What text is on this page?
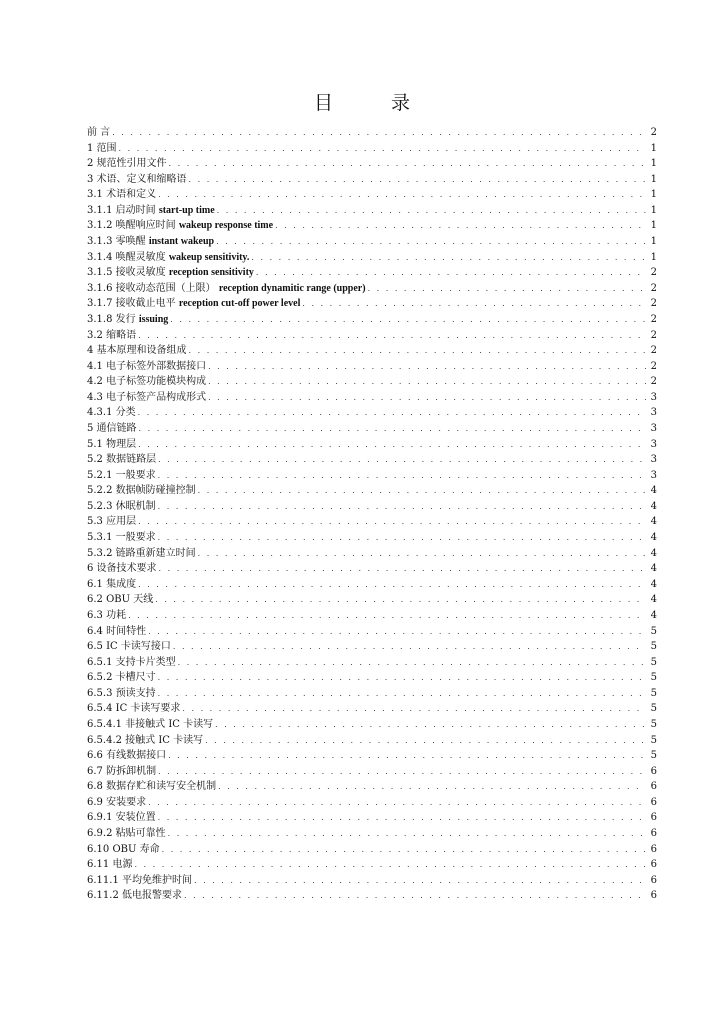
目 录
前 言 . . .	2
1 范围 . . .	1
2 规范性引用文件 . . .	1
3 术语、定义和缩略语 . . .	1
3.1 术语和定义 . . .	1
3.1.1 启动时间 start-up time . . .	1
3.1.2 唤醒响应时间 wakeup response time . . .	1
3.1.3 零唤醒 instant wakeup . . .	1
3.1.4 唤醒灵敏度 wakeup sensitivity. . . .	1
3.1.5 接收灵敏度 reception sensitivity . . .	2
3.1.6 接收动态范围（上限） reception dynamitic range (upper) . . .	2
3.1.7 接收截止电平 reception cut-off power level . . .	2
3.1.8 发行 issuing . . .	2
3.2 缩略语 . . .	2
4 基本原理和设备组成 . . .	2
4.1 电子标签外部数据接口 . . .	2
4.2 电子标签功能模块构成 . . .	2
4.3 电子标签产品构成形式 . . .	3
4.3.1 分类 . . .	3
5 通信链路 . . .	3
5.1 物理层 . . .	3
5.2 数据链路层 . . .	3
5.2.1 一般要求 . . .	3
5.2.2 数据帧防碰撞控制 . . .	4
5.2.3 休眠机制 . . .	4
5.3 应用层 . . .	4
5.3.1 一般要求 . . .	4
5.3.2 链路重新建立时间 . . .	4
6 设备技术要求 . . .	4
6.1 集成度 . . .	4
6.2 OBU 天线 . . .	4
6.3 功耗 . . .	4
6.4 时间特性 . . .	5
6.5 IC 卡读写接口 . . .	5
6.5.1 支持卡片类型 . . .	5
6.5.2 卡槽尺寸 . . .	5
6.5.3 预读支持 . . .	5
6.5.4 IC 卡读写要求 . . .	5
6.5.4.1 非接触式 IC 卡读写 . . .	5
6.5.4.2 接触式 IC 卡读写 . . .	5
6.6 有线数据接口 . . .	5
6.7 防拆卸机制 . . .	6
6.8 数据存贮和读写安全机制 . . .	6
6.9 安装要求 . . .	6
6.9.1 安装位置 . . .	6
6.9.2 粘贴可靠性 . . .	6
6.10 OBU 寿命 . . .	6
6.11 电源 . . .	6
6.11.1 平均免维护时间 . . .	6
6.11.2 低电报警要求 . . .	6
